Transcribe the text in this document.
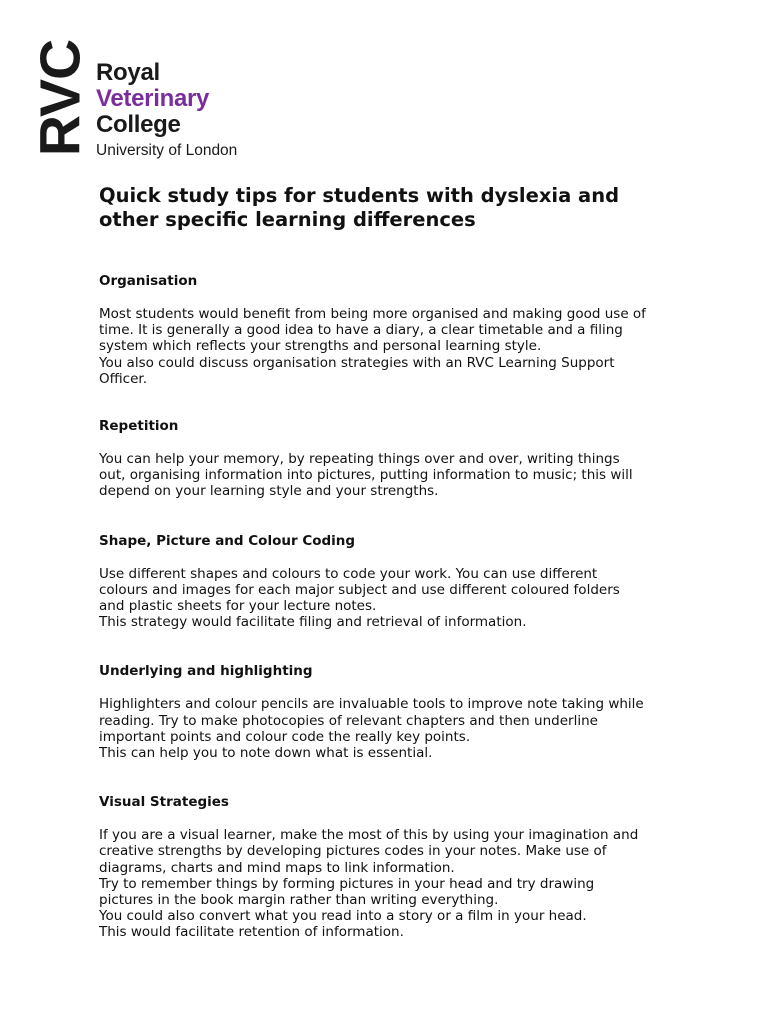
RVC Royal
Veterinary
College
University of London
Quick study tips for students with dyslexia and
other specific learning differences
Organisation

Most students would benefit from being more organised and making good use of

time. It is generally a good idea to have a diary, a clear timetable and a filing

system which reflects your strengths and personal learning style.

You also could discuss organisation strategies with an RVC Learning Support

Officer.

Repetition

You can help your memory, by repeating things over and over, writing things

out, organising information into pictures, putting information to music; this will

depend on your learning style and your strengths.

Shape, Picture and Colour Coding

Use different shapes and colours to code your work. You can use different

colours and images for each major subject and use different coloured folders

and plastic sheets for your lecture notes.

This strategy would facilitate filing and retrieval of information.

Underlying and highlighting

Highlighters and colour pencils are invaluable tools to improve note taking while

reading. Try to make photocopies of relevant chapters and then underline

important points and colour code the really key points.

This can help you to note down what is essential.

Visual Strategies

If you are a visual learner, make the most of this by using your imagination and

creative strengths by developing pictures codes in your notes. Make use of

diagrams, charts and mind maps to link information.

Try to remember things by forming pictures in your head and try drawing

pictures in the book margin rather than writing everything.

You could also convert what you read into a story or a film in your head.

This would facilitate retention of information.
